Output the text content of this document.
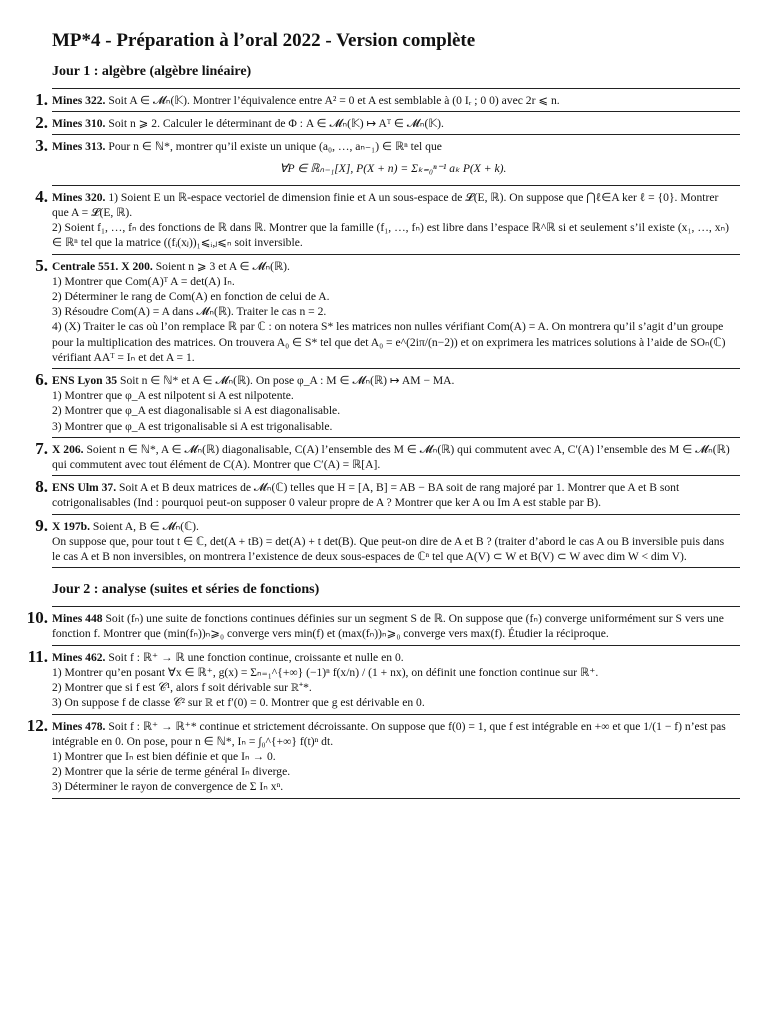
MP*4 - Préparation à l’oral 2022 - Version complète
Jour 1 : algèbre (algèbre linéaire)
1. Mines 322. Soit A ∈ 𝓜ₙ(𝕂). Montrer l’équivalence entre A² = 0 et A est semblable à (0 Iᵣ ; 0 0) avec 2r ⩽ n.
2. Mines 310. Soit n ⩾ 2. Calculer le déterminant de Φ : A ∈ 𝓜ₙ(𝕂) ↦ Aᵀ ∈ 𝓜ₙ(𝕂).
3. Mines 313. Pour n ∈ ℕ*, montrer qu’il existe un unique (a₀, …, aₙ₋₁) ∈ ℝⁿ tel que
∀P ∈ ℝₙ₋₁[X], P(X + n) = Σₖ₌₀ⁿ⁻¹ aₖ P(X + k).
4. Mines 320. 1) Soient E un ℝ-espace vectoriel de dimension finie et A un sous-espace de 𝓛(E, ℝ). On suppose que ⋂ℓ∈A ker ℓ = {0}. Montrer que A = 𝓛(E, ℝ).
2) Soient f₁, …, fₙ des fonctions de ℝ dans ℝ. Montrer que la famille (f₁, …, fₙ) est libre dans l’espace ℝ^ℝ si et seulement s’il existe (x₁, …, xₙ) ∈ ℝⁿ tel que la matrice ((fᵢ(xⱼ))₁⩽ᵢ,ⱼ⩽ₙ soit inversible.
5. Centrale 551. X 200. Soient n ⩾ 3 et A ∈ 𝓜ₙ(ℝ).
1) Montrer que Com(A)ᵀ A = det(A) Iₙ.
2) Déterminer le rang de Com(A) en fonction de celui de A.
3) Résoudre Com(A) = A dans 𝓜ₙ(ℝ). Traiter le cas n = 2.
4) (X) Traiter le cas où l’on remplace ℝ par ℂ : on notera S* les matrices non nulles vérifiant Com(A) = A. On montrera qu’il s’agit d’un groupe pour la multiplication des matrices. On trouvera A₀ ∈ S* tel que det A₀ = e^(2iπ/(n−2)) et on exprimera les matrices solutions à l’aide de SOₙ(ℂ) vérifiant AAᵀ = Iₙ et det A = 1.
6. ENS Lyon 35 Soit n ∈ ℕ* et A ∈ 𝓜ₙ(ℝ). On pose φ_A : M ∈ 𝓜ₙ(ℝ) ↦ AM − MA.
1) Montrer que φ_A est nilpotent si A est nilpotente.
2) Montrer que φ_A est diagonalisable si A est diagonalisable.
3) Montrer que φ_A est trigonalisable si A est trigonalisable.
7. X 206. Soient n ∈ ℕ*, A ∈ 𝓜ₙ(ℝ) diagonalisable, C(A) l’ensemble des M ∈ 𝓜ₙ(ℝ) qui commutent avec A, C′(A) l’ensemble des M ∈ 𝓜ₙ(ℝ) qui commutent avec tout élément de C(A). Montrer que C′(A) = ℝ[A].
8. ENS Ulm 37. Soit A et B deux matrices de 𝓜ₙ(ℂ) telles que H = [A, B] = AB − BA soit de rang majoré par 1. Montrer que A et B sont cotrigonalisables (Ind : pourquoi peut-on supposer 0 valeur propre de A ? Montrer que ker A ou Im A est stable par B).
9. X 197b. Soient A, B ∈ 𝓜ₙ(ℂ).
On suppose que, pour tout t ∈ ℂ, det(A + tB) = det(A) + t det(B). Que peut-on dire de A et B ? (traiter d’abord le cas A ou B inversible puis dans le cas A et B non inversibles, on montrera l’existence de deux sous-espaces de ℂⁿ tel que A(V) ⊂ W et B(V) ⊂ W avec dim W < dim V).
Jour 2 : analyse (suites et séries de fonctions)
10. Mines 448 Soit (fₙ) une suite de fonctions continues définies sur un segment S de ℝ. On suppose que (fₙ) converge uniformément sur S vers une fonction f. Montrer que (min(fₙ))ₙ⩾₀ converge vers min(f) et (max(fₙ))ₙ⩾₀ converge vers max(f). Étudier la réciproque.
11. Mines 462. Soit f : ℝ⁺ → ℝ une fonction continue, croissante et nulle en 0.
1) Montrer qu’en posant ∀x ∈ ℝ⁺, g(x) = Σₙ₌₁^{+∞} (−1)ⁿ f(x/n) / (1 + nx), on définit une fonction continue sur ℝ⁺.
2) Montrer que si f est 𝒞¹, alors f soit dérivable sur ℝ⁺*.
3) On suppose f de classe 𝒞² sur ℝ et f′(0) = 0. Montrer que g est dérivable en 0.
12. Mines 478. Soit f : ℝ⁺ → ℝ⁺* continue et strictement décroissante. On suppose que f(0) = 1, que f est intégrable en +∞ et que 1/(1 − f) n’est pas intégrable en 0. On pose, pour n ∈ ℕ*, Iₙ = ∫₀^{+∞} f(t)ⁿ dt.
1) Montrer que Iₙ est bien définie et que Iₙ → 0.
2) Montrer que la série de terme général Iₙ diverge.
3) Déterminer le rayon de convergence de Σ Iₙ xⁿ.
